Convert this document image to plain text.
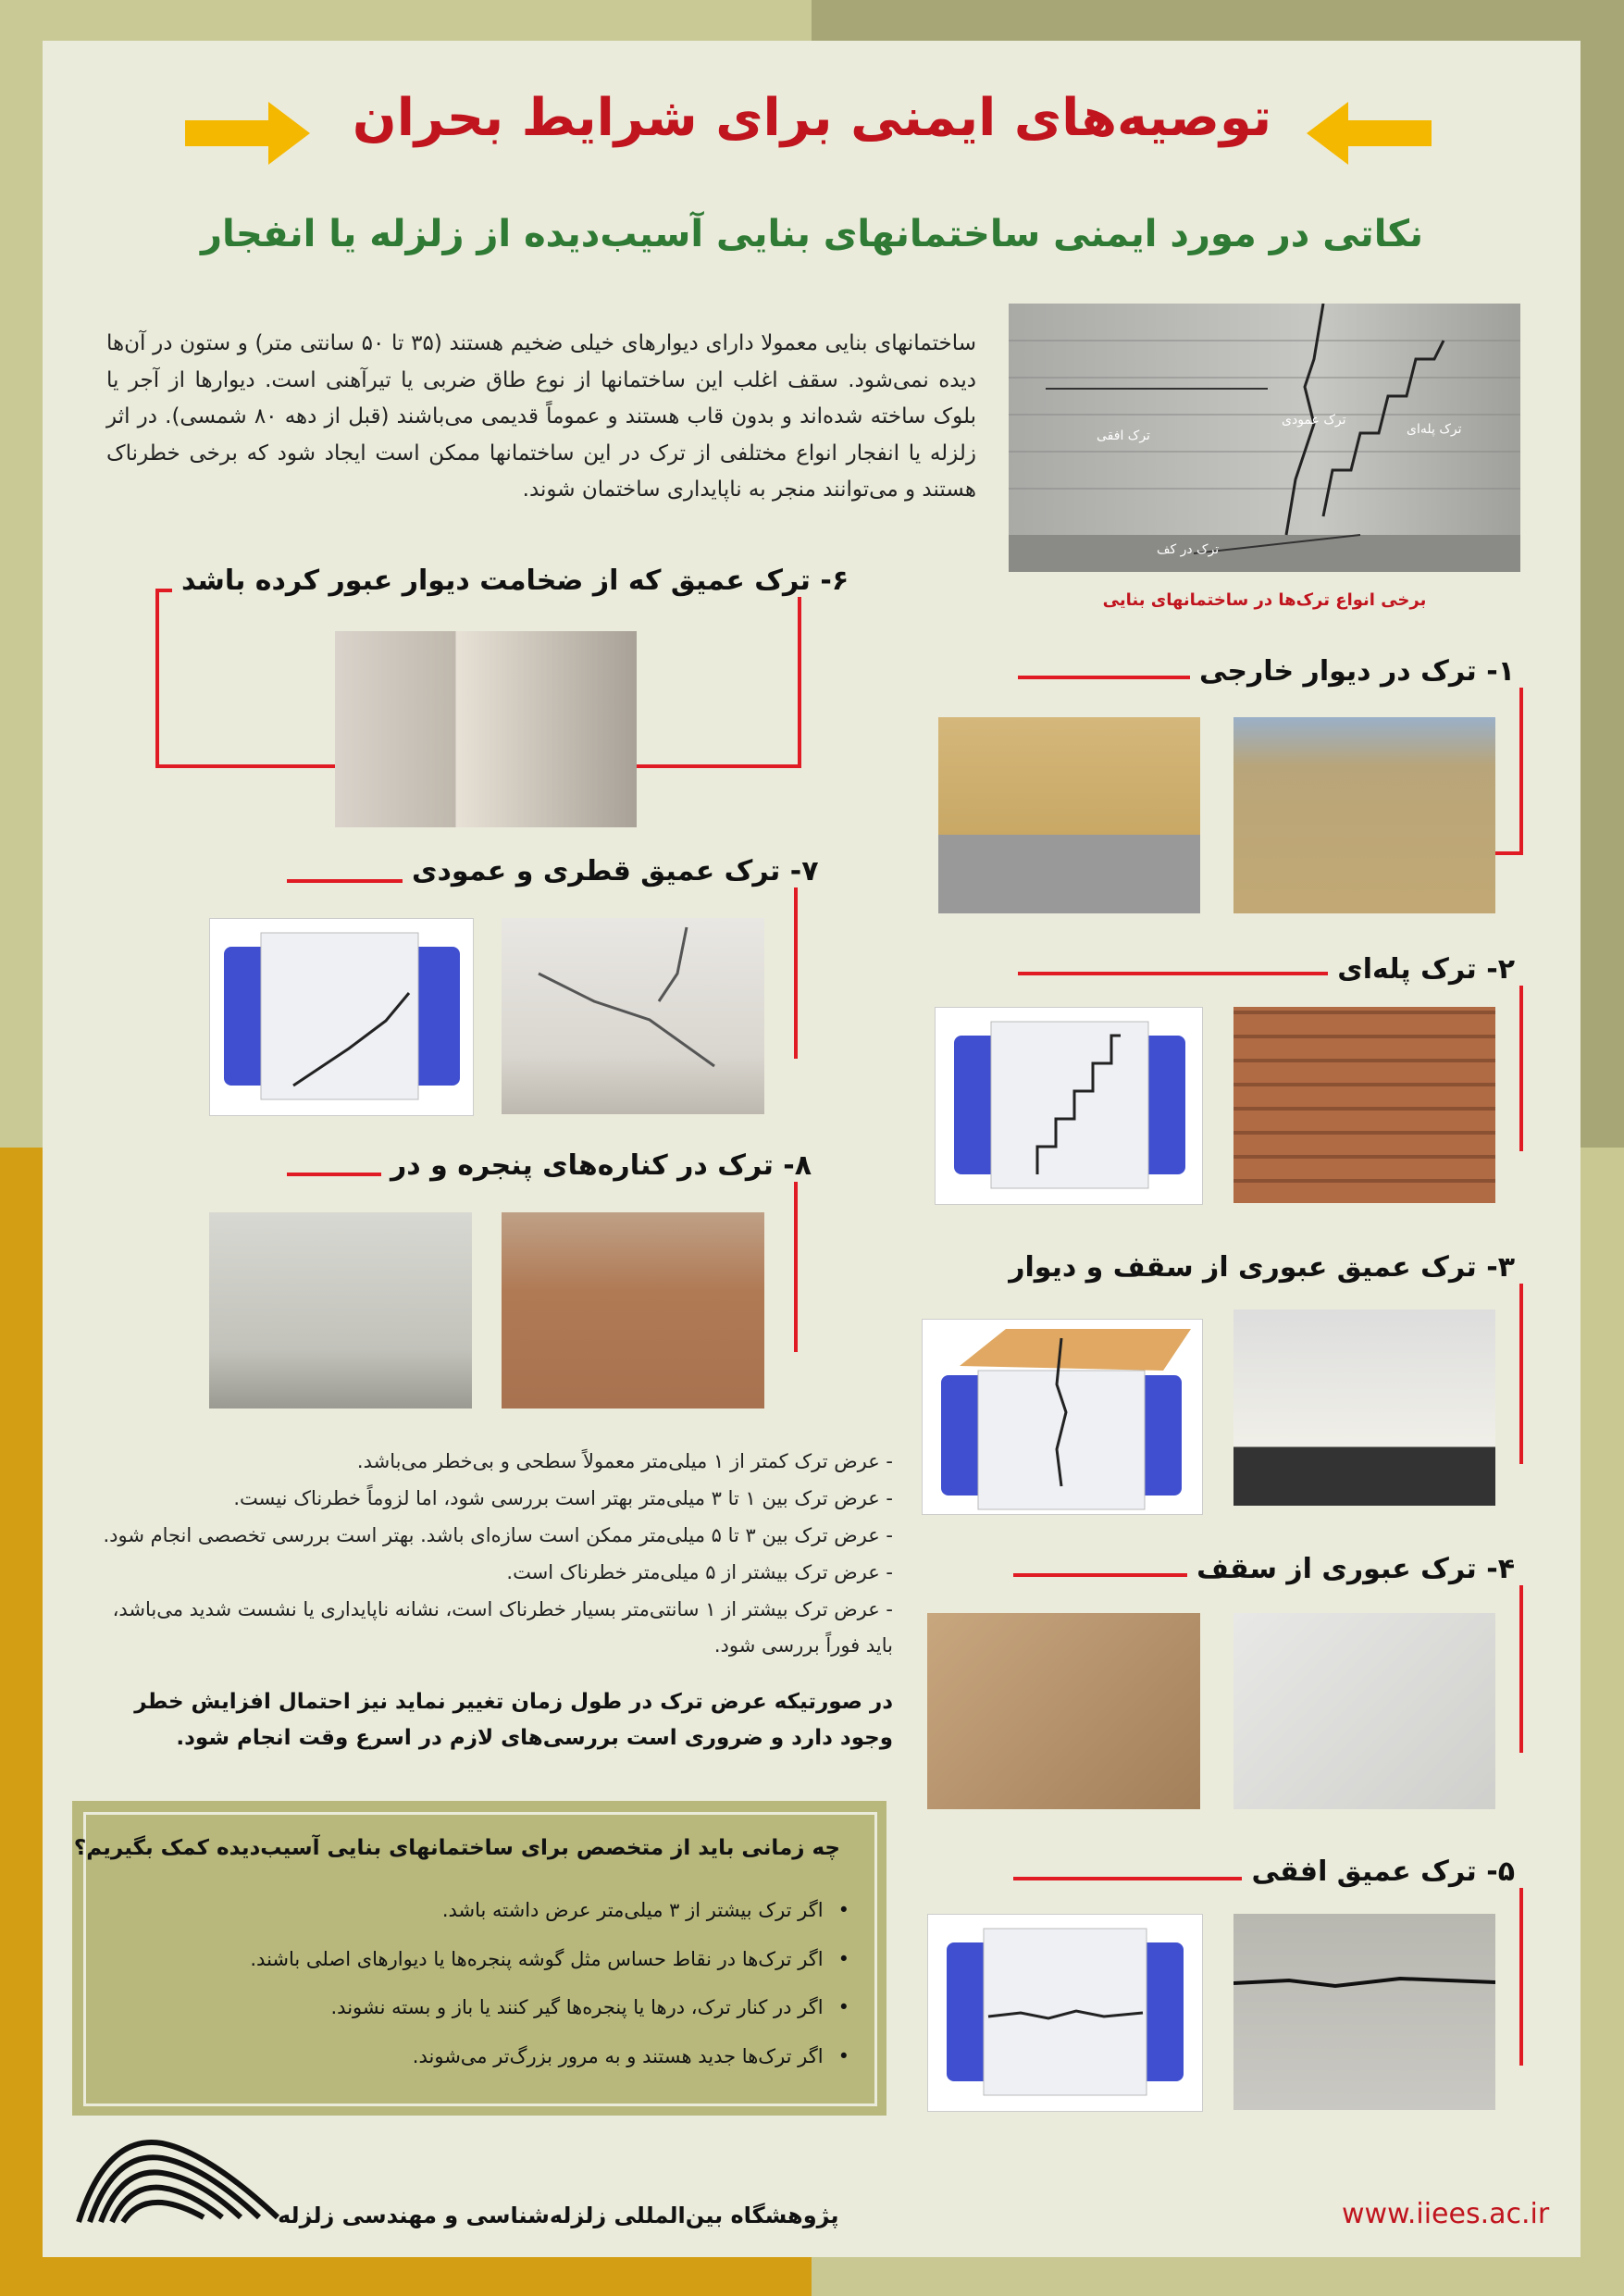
توصیه‌های ایمنی برای شرایط بحران
نکاتی در مورد ایمنی ساختمانهای بنایی آسیب‌دیده از زلزله یا انفجار
ساختمانهای بنایی معمولا دارای دیوارهای خیلی ضخیم هستند (۳۵ تا ۵۰ سانتی متر) و ستون در آن‌ها دیده نمی‌شود. سقف اغلب این ساختمانها از نوع طاق ضربی یا تیرآهنی است. دیوارها از آجر یا بلوک ساخته شده‌اند و بدون قاب هستند و عموماً قدیمی می‌باشند (قبل از دهه ۸۰ شمسی). در اثر زلزله یا انفجار انواع مختلفی از ترک در این ساختمانها ممکن است ایجاد شود که برخی خطرناک هستند و می‌توانند منجر به ناپایداری ساختمان شوند.
ترک افقی
ترک عمودی
ترک پله‌ای
ترک در کف
برخی انواع ترک‌ها در ساختمانهای بنایی
۱- ترک در دیوار خارجی
۲- ترک پله‌ای
۳- ترک عمیق عبوری از سقف و دیوار
۴- ترک عبوری از سقف
۵- ترک عمیق افقی
۶- ترک عمیق که از ضخامت دیوار عبور کرده باشد
۷- ترک عمیق قطری و عمودی
۸- ترک در کناره‌های پنجره و در

- عرض ترک کمتر از ۱ میلی‌متر معمولاً سطحی و بی‌خطر می‌باشد.

- عرض ترک بین ۱ تا ۳ میلی‌متر بهتر است بررسی شود، اما لزوماً خطرناک نیست.

- عرض ترک بین ۳ تا ۵ میلی‌متر ممکن است سازه‌ای باشد. بهتر است بررسی تخصصی انجام شود.

- عرض ترک بیشتر از ۵ میلی‌متر خطرناک است.

- عرض ترک بیشتر از ۱ سانتی‌متر بسیار خطرناک است، نشانه ناپایداری یا نشست شدید می‌باشد، باید فوراً بررسی شود.

در صورتیکه عرض ترک در طول زمان تغییر نماید نیز احتمال افزایش خطر وجود دارد و ضروری است بررسی‌های لازم در اسرع وقت انجام شود.
چه زمانی باید از متخصص برای ساختمانهای بنایی آسیب‌دیده کمک بگیریم؟
• اگر ترک بیشتر از ۳ میلی‌متر عرض داشته باشد.
• اگر ترک‌ها در نقاط حساس مثل گوشه پنجره‌ها یا دیوارهای اصلی باشند.
• اگر در کنار ترک، درها یا پنجره‌ها گیر کنند یا باز و بسته نشوند.
• اگر ترک‌ها جدید هستند و به مرور بزرگ‌تر می‌شوند.
پژوهشگاه بین‌المللی زلزله‌شناسی و مهندسی زلزله	www.iiees.ac.ir
